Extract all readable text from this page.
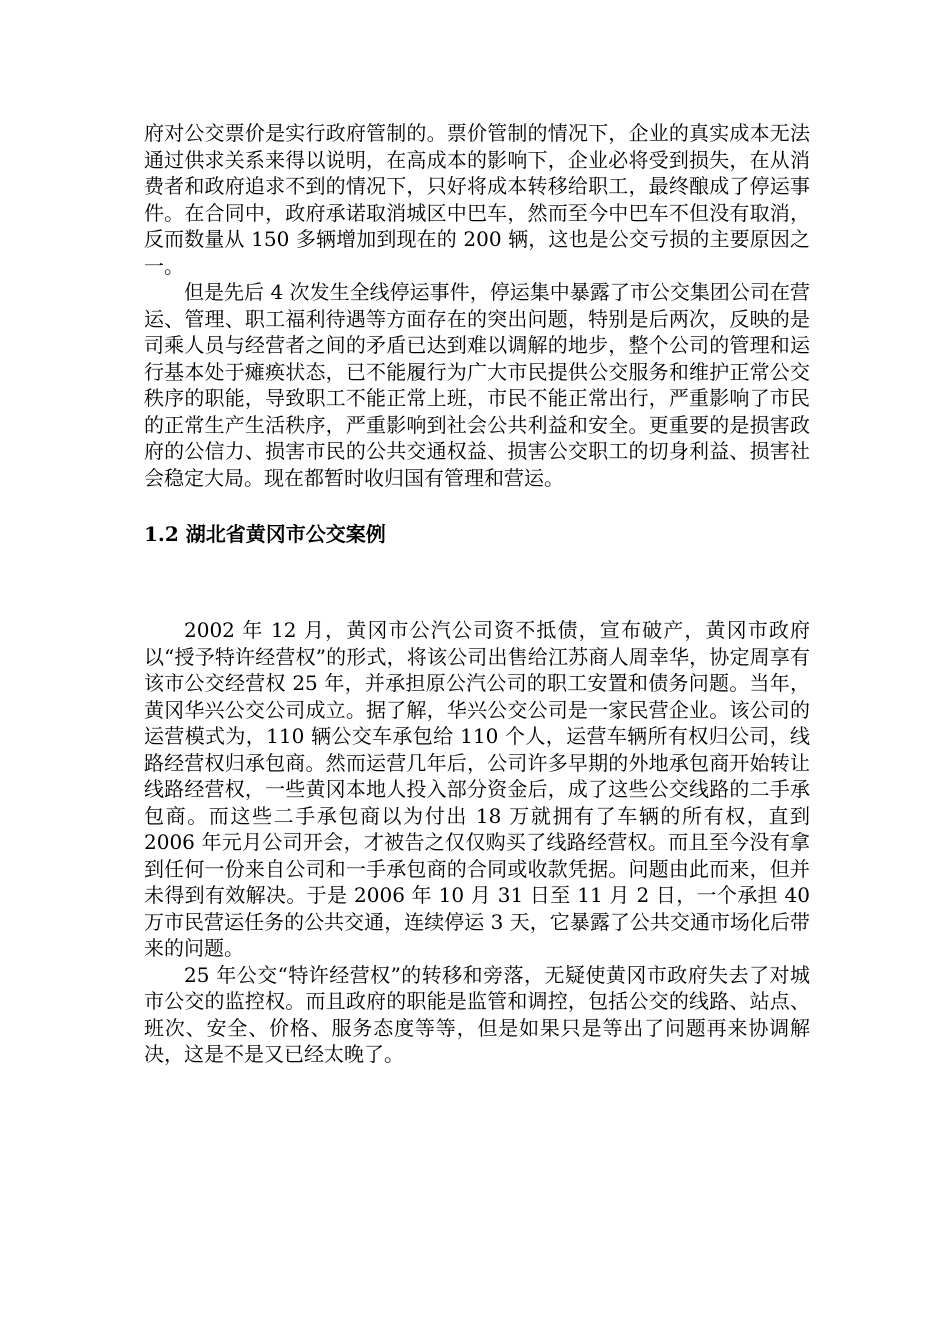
府对公交票价是实行政府管制的。票价管制的情况下，企业的真实成本无法通过供求关系来得以说明，在高成本的影响下，企业必将受到损失，在从消费者和政府追求不到的情况下，只好将成本转移给职工，最终酿成了停运事件。在合同中，政府承诺取消城区中巴车，然而至今中巴车不但没有取消，反而数量从 150 多辆增加到现在的 200 辆，这也是公交亏损的主要原因之一。

但是先后 4 次发生全线停运事件，停运集中暴露了市公交集团公司在营运、管理、职工福利待遇等方面存在的突出问题，特别是后两次，反映的是司乘人员与经营者之间的矛盾已达到难以调解的地步，整个公司的管理和运行基本处于瘫痪状态，已不能履行为广大市民提供公交服务和维护正常公交秩序的职能，导致职工不能正常上班，市民不能正常出行，严重影响了市民的正常生产生活秩序，严重影响到社会公共利益和安全。更重要的是损害政府的公信力、损害市民的公共交通权益、损害公交职工的切身利益、损害社会稳定大局。现在都暂时收归国有管理和营运。

1.2 湖北省黄冈市公交案例

2002 年 12 月，黄冈市公汽公司资不抵债，宣布破产，黄冈市政府以“授予特许经营权”的形式，将该公司出售给江苏商人周幸华，协定周享有该市公交经营权 25 年，并承担原公汽公司的职工安置和债务问题。当年，黄冈华兴公交公司成立。据了解，华兴公交公司是一家民营企业。该公司的运营模式为，110 辆公交车承包给 110 个人，运营车辆所有权归公司，线路经营权归承包商。然而运营几年后，公司许多早期的外地承包商开始转让线路经营权，一些黄冈本地人投入部分资金后，成了这些公交线路的二手承包商。而这些二手承包商以为付出 18 万就拥有了车辆的所有权，直到 2006 年元月公司开会，才被告之仅仅购买了线路经营权。而且至今没有拿到任何一份来自公司和一手承包商的合同或收款凭据。问题由此而来，但并未得到有效解决。于是 2006 年 10 月 31 日至 11 月 2 日，一个承担 40 万市民营运任务的公共交通，连续停运 3 天，它暴露了公共交通市场化后带来的问题。

25 年公交“特许经营权”的转移和旁落，无疑使黄冈市政府失去了对城市公交的监控权。而且政府的职能是监管和调控，包括公交的线路、站点、班次、安全、价格、服务态度等等，但是如果只是等出了问题再来协调解决，这是不是又已经太晚了。
